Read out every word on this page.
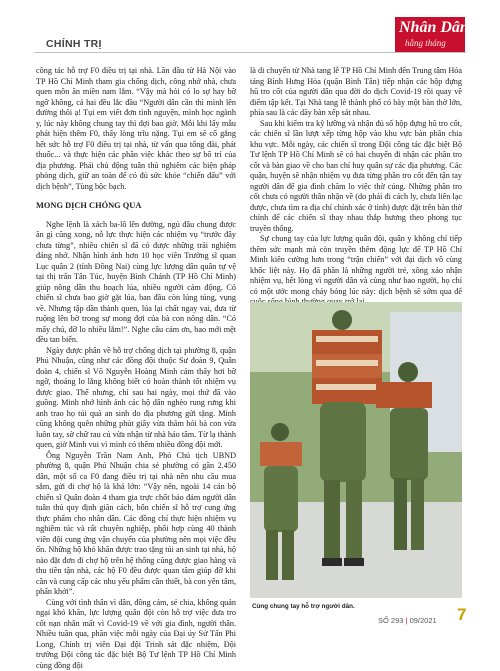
Nhân Dân
hằng tháng
CHÍNH TRỊ

công tác hỗ trợ F0 điều trị tại nhà. Lần đầu từ Hà Nội vào TP Hồ Chí Minh tham gia chống dịch, công nhớ nhà, chưa quen môn ăn miền nam lắm. “Vậy mà hỏi có lo sợ hay bỡ ngỡ không, cả hai đều lắc đầu “Người dân cần thì mình lên đường thôi ạ! Tụi em viết đơn tình nguyện, mình học ngành y, lúc này không chung tay thì đợi bao giờ. Mỗi khi lấy mẫu phát hiện thêm F0, thấy lòng trĩu nặng. Tụi em sẽ cố gắng hết sức hỗ trợ F0 điều trị tại nhà, từ vấn qua tổng đài, phát thuốc... và thực hiện các phần việc khác theo sự bố trí của địa phương. Phải chủ động tuân thủ nghiêm các biện pháp phòng dịch, giữ an toàn để có đủ sức khỏe “chiến đấu” với dịch bệnh”, Tùng bộc bạch.

MONG DỊCH CHÓNG QUA

Nghe lệnh là xách ba-lô lên đường, ngủ đâu chung được ăn gì cũng xong, nỗ lực thực hiện các nhiệm vụ “trước đây chưa từng”, nhiều chiến sĩ đã có được những trải nghiệm đáng nhớ. Nhận hình ảnh hơn 10 học viên Trường sĩ quan Lục quân 2 (tỉnh Đồng Nai) cùng lực lượng dân quân tự vệ tại thị trấn Tân Túc, huyện Bình Chánh (TP Hồ Chí Minh) giúp nông dân thu hoạch lúa, nhiều người cảm động. Có chiến sĩ chưa bao giờ gặt lúa, ban đầu còn lúng túng, vụng về. Nhưng tập dần thành quen, lúa lại chất ngay vai, đưa từ ruộng lên bờ trong sự mong đợi của bà con nông dân. “Có mấy chú, đỡ lo nhiều lắm!”. Nghe câu cảm ơn, bao mới mệt đều tan biến.

Ngày được phân về hỗ trợ chống dịch tại phường 8, quận Phú Nhuận, cũng như các đồng đội thuộc Sư đoàn 9, Quân đoàn 4, chiến sĩ Võ Nguyễn Hoàng Minh cảm thấy hơi bỡ ngỡ, thoáng lo lắng không biết có hoàn thành tốt nhiệm vụ được giao. Thế nhưng, chỉ sau hai ngày, mọi thứ đã vào guồng. Minh nhớ hình ảnh các hộ dân nghèo rung rưng khi anh trao họ túi quà an sinh do địa phương gửi tặng. Minh cũng không quên những phút giây vừa thăm hỏi bà con vừa luôn tay, sờ chữ rau củ vừa nhận từ nhà hảo tâm. Từ lạ thành quen, giờ Minh vui vì mình có thêm nhiều đồng đội mới.

Ông Nguyễn Trần Nam Anh, Phó Chủ tịch UBND phường 8, quận Phú Nhuận chia sẻ phường có gần 2.450 dân, một số ca F0 đang điều trị tại nhà nên nhu cầu mua sắm, gửi đi chợ hộ là khá lớn: “Vậy nên, ngoài 14 cán bộ chiến sĩ Quân đoàn 4 tham gia trực chốt bảo đảm người dân tuân thủ quy định giãn cách, bốn chiến sĩ hỗ trợ cung ứng thực phẩm cho nhân dân. Các đồng chí thực hiện nhiệm vụ nghiêm túc và rất chuyên nghiệp, phối hợp cùng 40 thành viên đội cung ứng vận chuyển của phường nên mọi việc đều ổn. Những hộ khó khăn được trao tặng túi an sinh tại nhà, hộ nào đặt đơn đi chợ hộ trên hệ thống cũng được giao hàng và thu tiền tận nhà, các hộ F0 đều được quan tâm giúp đỡ khi cần và cung cấp các nhu yếu phẩm cần thiết, bà con yên tâm, phấn khởi”.

Cùng với tình thân vì dân, đồng cảm, sẻ chia, không quản ngại khó khăn, lực lượng quân đội còn hỗ trợ việc đưa tro cốt nạn nhân mất vì Covid-19 về với gia đình, người thân. Nhiều tuần qua, phần việc mỗi ngày của Đại úy Sử Tấn Phi Long, Chính trị viên Đại đội Trinh sát đặc nhiệm, Đội trưởng Đội công tác đặc biệt Bộ Tư lệnh TP Hồ Chí Minh cùng đồng đội

là di chuyển từ Nhà tang lễ TP Hồ Chí Minh đến Trung tâm Hỏa táng Bình Hưng Hòa (quận Bình Tân) tiếp nhận các hộp đựng hũ tro cốt của người dân qua đời do dịch Covid-19 rồi quay về điểm tập kết. Tại Nhà tang lễ thành phố có bày một bàn thờ lớn, phía sau là các dãy bàn xếp sát nhau.

Sau khi kiểm tra kỹ lưỡng và nhận đủ số hộp đựng hũ tro cốt, các chiến sĩ lần lượt xếp từng hộp vào khu vực bàn phân chia khu vực. Mỗi ngày, các chiến sĩ trong Đội công tác đặc biệt Bộ Tư lệnh TP Hồ Chí Minh sẽ có hai chuyến đi nhận các phần tro cốt và bàn giao về cho ban chỉ huy quân sự các địa phương. Các quận, huyện sẽ nhận nhiệm vụ đưa từng phần tro cốt đến tận tay người dân để gia đình chăm lo việc thờ cúng. Những phần tro cốt chưa có người thân nhận về (do phải đi cách ly, chưa liên lạc được, chưa tìm ra địa chỉ chính xác ở tình) được đặt trên bàn thờ chính để các chiến sĩ thay nhau thắp hương theo phong tục truyền thống.

Sự chung tay của lực lượng quân đội, quân y không chỉ tiếp thêm sức mạnh mà còn truyền thêm động lực để TP Hồ Chí Minh kiên cường hơn trong “trận chiến” với đại dịch vô cùng khốc liệt này. Họ đã phần là những người trẻ, xông xáo nhận nhiệm vụ, hết lòng vì người dân và cùng như bao người, họ chỉ có một ước mong cháy bỏng lúc này: dịch bệnh sẽ sớm qua để

Cùng chung tay hỗ trợ người dân.
SỐ 293 | 09/2021 7
